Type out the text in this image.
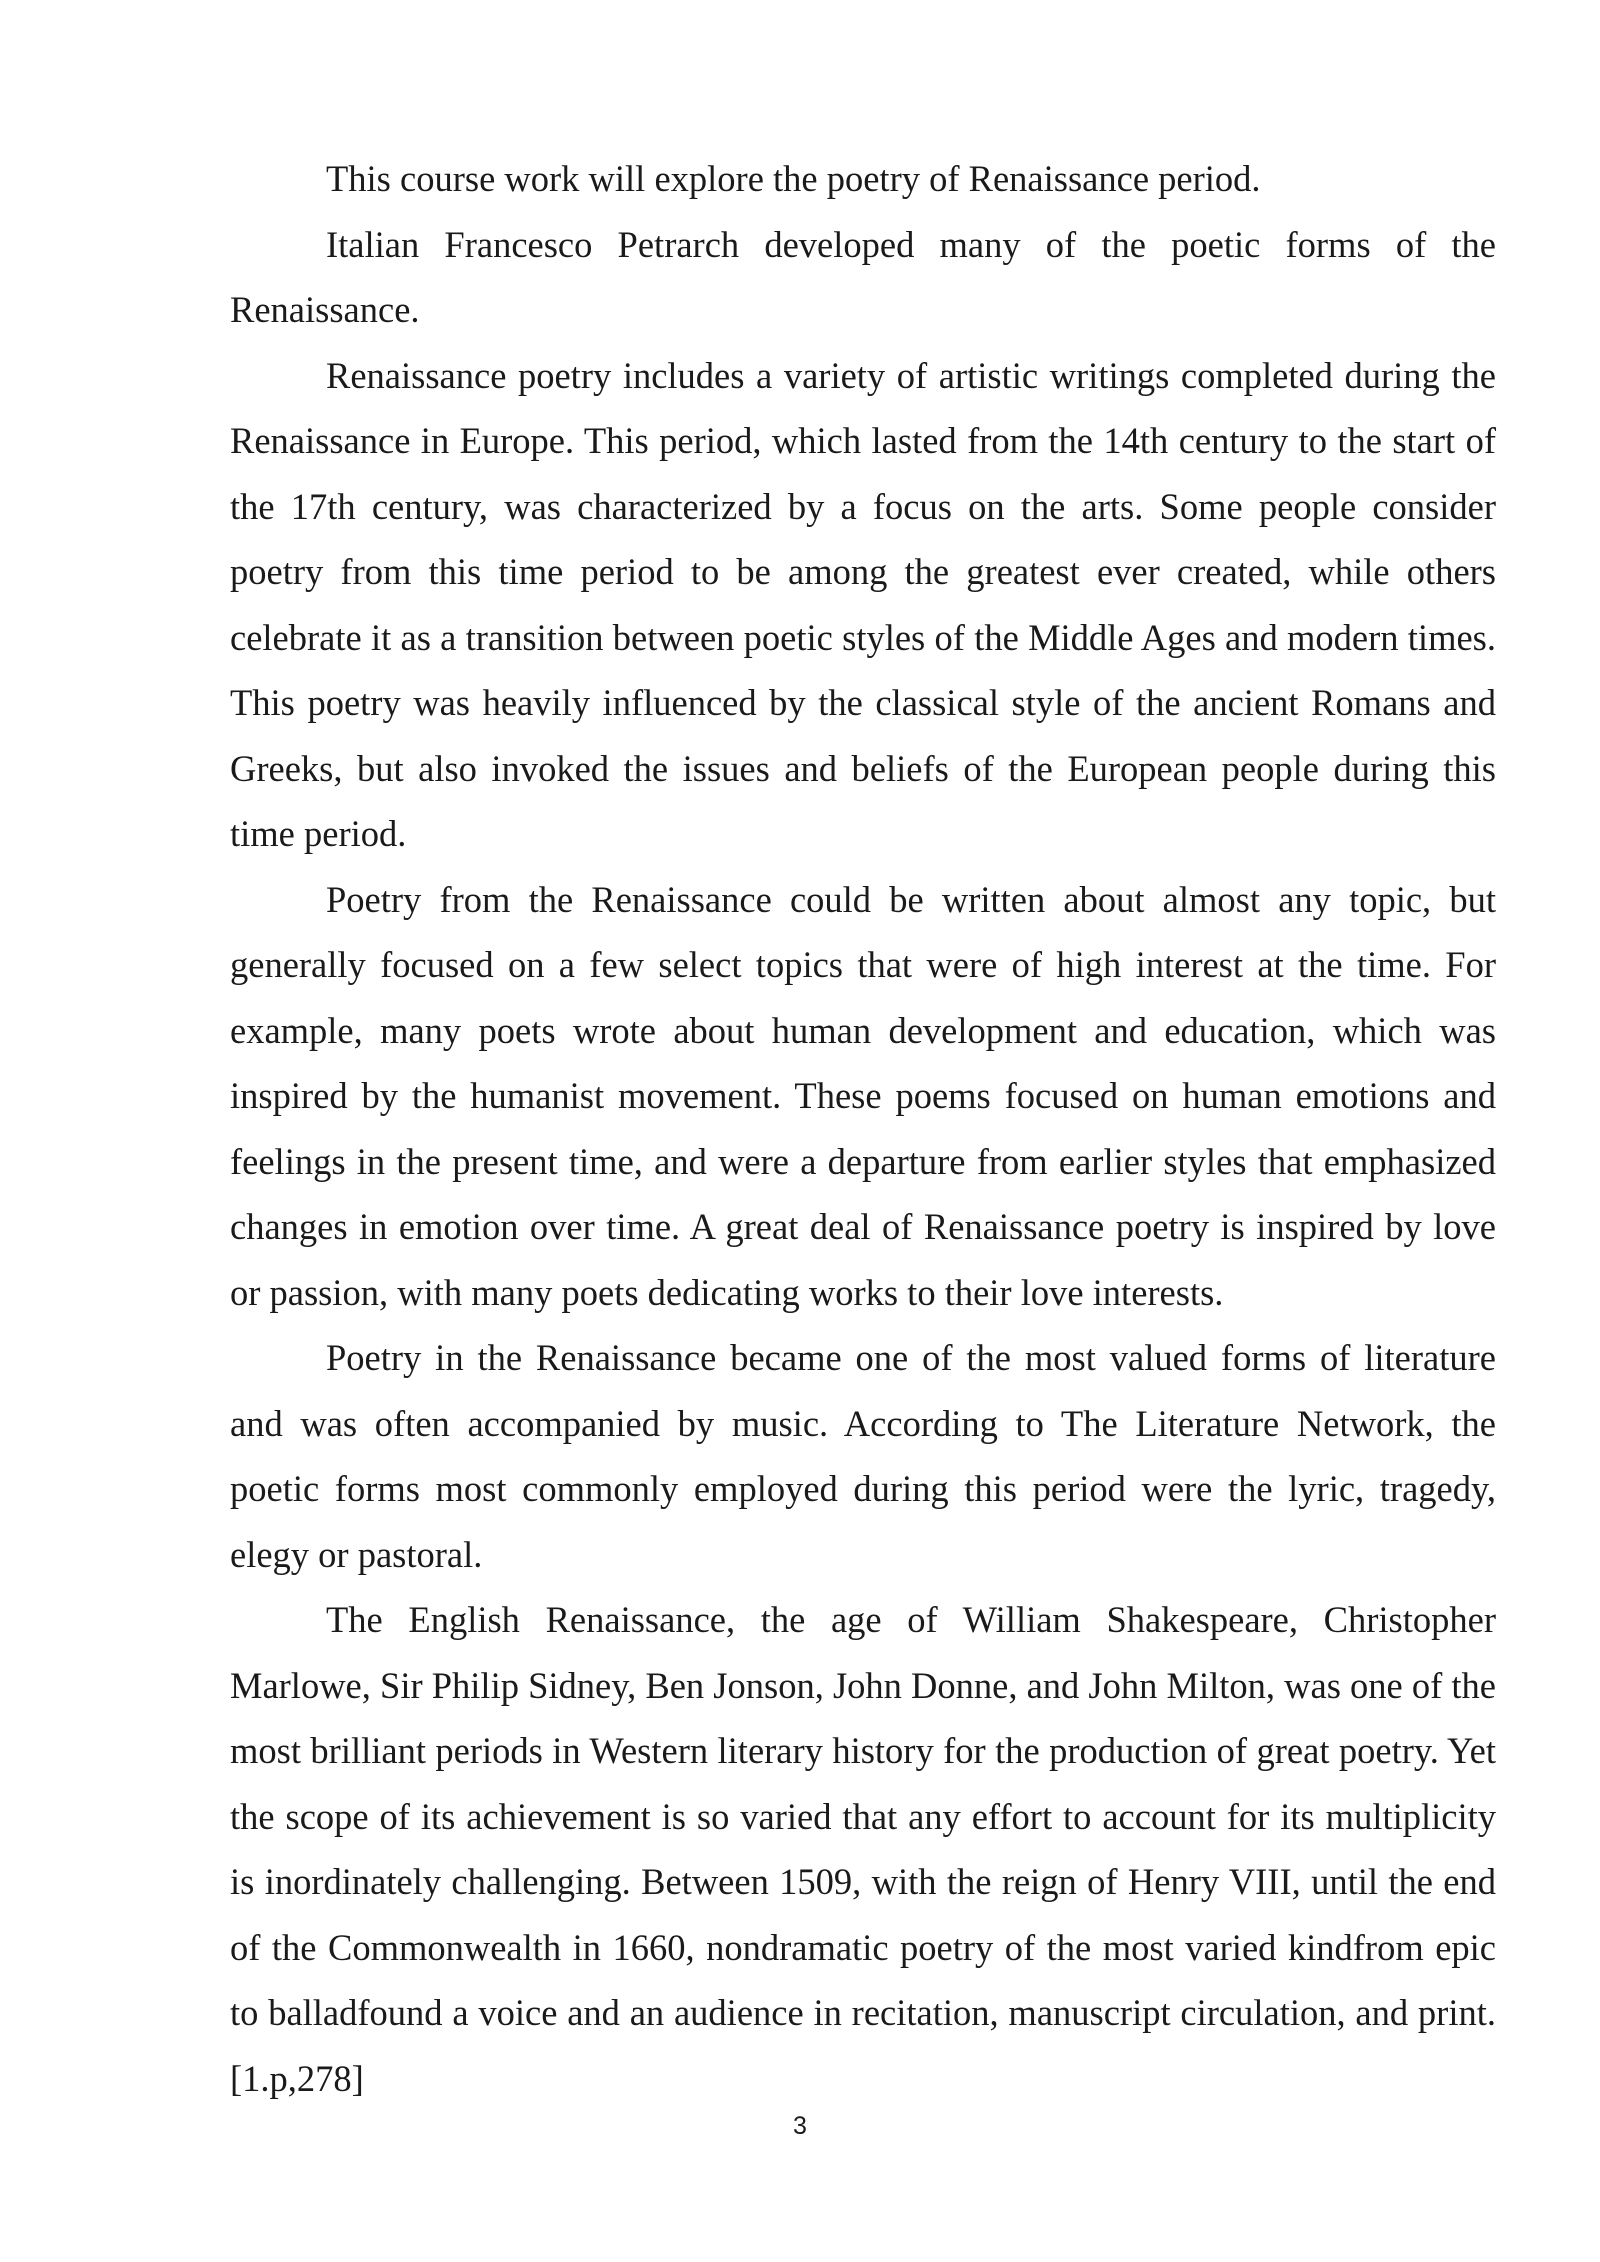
This course work will explore the poetry of Renaissance period.

Italian Francesco Petrarch developed many of the poetic forms of the Renaissance.

Renaissance poetry includes a variety of artistic writings completed during the Renaissance in Europe. This period, which lasted from the 14th century to the start of the 17th century, was characterized by a focus on the arts. Some people consider poetry from this time period to be among the greatest ever created, while others celebrate it as a transition between poetic styles of the Middle Ages and modern times. This poetry was heavily influenced by the classical style of the ancient Romans and Greeks, but also invoked the issues and beliefs of the European people during this time period.

Poetry from the Renaissance could be written about almost any topic, but generally focused on a few select topics that were of high interest at the time. For example, many poets wrote about human development and education, which was inspired by the humanist movement. These poems focused on human emotions and feelings in the present time, and were a departure from earlier styles that emphasized changes in emotion over time. A great deal of Renaissance poetry is inspired by love or passion, with many poets dedicating works to their love interests.

Poetry in the Renaissance became one of the most valued forms of literature and was often accompanied by music. According to The Literature Network, the poetic forms most commonly employed during this period were the lyric, tragedy, elegy or pastoral.

The English Renaissance, the age of William Shakespeare, Christopher Marlowe, Sir Philip Sidney, Ben Jonson, John Donne, and John Milton, was one of the most brilliant periods in Western literary history for the production of great poetry. Yet the scope of its achievement is so varied that any effort to account for its multiplicity is inordinately challenging. Between 1509, with the reign of Henry VIII, until the end of the Commonwealth in 1660, nondramatic poetry of the most varied kindfrom epic to balladfound a voice and an audience in recitation, manuscript circulation, and print.[1.p,278]

3
